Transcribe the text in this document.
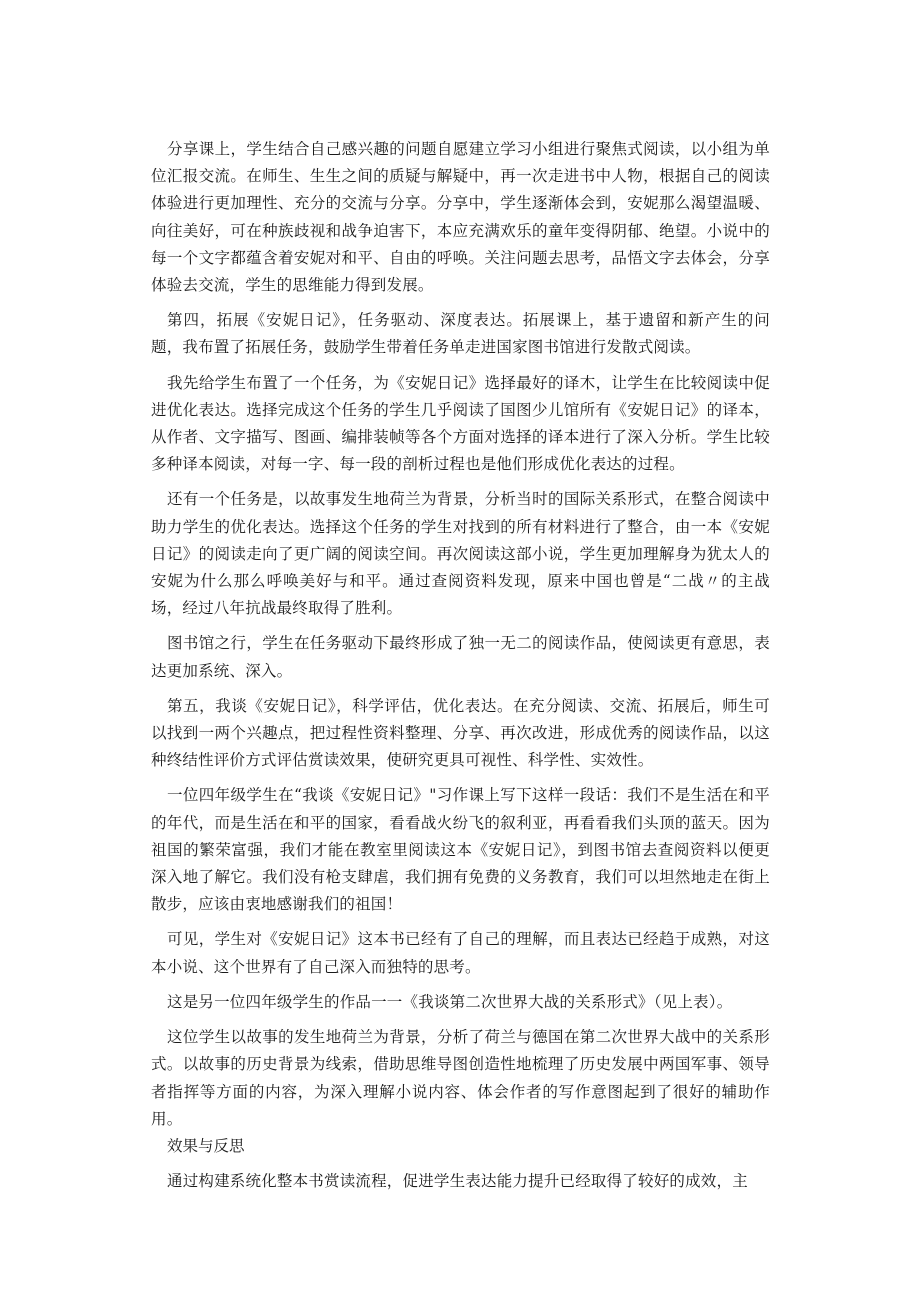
分享课上，学生结合自己感兴趣的问题自愿建立学习小组进行聚焦式阅读，以小组为单位汇报交流。在师生、生生之间的质疑与解疑中，再一次走进书中人物，根据自己的阅读体验进行更加理性、充分的交流与分享。分享中，学生逐渐体会到，安妮那么渴望温暖、向往美好，可在种族歧视和战争迫害下，本应充满欢乐的童年变得阴郁、绝望。小说中的每一个文字都蕴含着安妮对和平、自由的呼唤。关注问题去思考，品悟文字去体会，分享体验去交流，学生的思维能力得到发展。

第四，拓展《安妮日记》，任务驱动、深度表达。拓展课上，基于遗留和新产生的问题，我布置了拓展任务，鼓励学生带着任务单走进国家图书馆进行发散式阅读。

我先给学生布置了一个任务，为《安妮日记》选择最好的译木，让学生在比较阅读中促进优化表达。选择完成这个任务的学生几乎阅读了国图少儿馆所有《安妮日记》的译本，从作者、文字描写、图画、编排装帧等各个方面对选择的译本进行了深入分析。学生比较多种译本阅读，对每一字、每一段的剖析过程也是他们形成优化表达的过程。

还有一个任务是，以故事发生地荷兰为背景，分析当时的国际关系形式，在整合阅读中助力学生的优化表达。选择这个任务的学生对找到的所有材料进行了整合，由一本《安妮日记》的阅读走向了更广阔的阅读空间。再次阅读这部小说，学生更加理解身为犹太人的安妮为什么那么呼唤美好与和平。通过查阅资料发现，原来中国也曾是“二战〃的主战场，经过八年抗战最终取得了胜利。

图书馆之行，学生在任务驱动下最终形成了独一无二的阅读作品，使阅读更有意思，表达更加系统、深入。

第五，我谈《安妮日记》，科学评估，优化表达。在充分阅读、交流、拓展后，师生可以找到一两个兴趣点，把过程性资料整理、分享、再次改进，形成优秀的阅读作品，以这种终结性评价方式评估赏读效果，使研究更具可视性、科学性、实效性。

一位四年级学生在“我谈《安妮日记》"习作课上写下这样一段话：我们不是生活在和平的年代，而是生活在和平的国家，看看战火纷飞的叙利亚，再看看我们头顶的蓝天。因为祖国的繁荣富强，我们才能在教室里阅读这本《安妮日记》，到图书馆去查阅资料以便更深入地了解它。我们没有枪支肆虐，我们拥有免费的义务教育，我们可以坦然地走在街上散步，应该由衷地感谢我们的祖国！

可见，学生对《安妮日记》这本书已经有了自己的理解，而且表达已经趋于成熟，对这本小说、这个世界有了自己深入而独特的思考。

这是另一位四年级学生的作品一一《我谈第二次世界大战的关系形式》（见上表）。

这位学生以故事的发生地荷兰为背景，分析了荷兰与德国在第二次世界大战中的关系形式。以故事的历史背景为线索，借助思维导图创造性地梳理了历史发展中两国军事、领导者指挥等方面的内容，为深入理解小说内容、体会作者的写作意图起到了很好的辅助作用。

效果与反思

通过构建系统化整本书赏读流程，促进学生表达能力提升已经取得了较好的成效，主
